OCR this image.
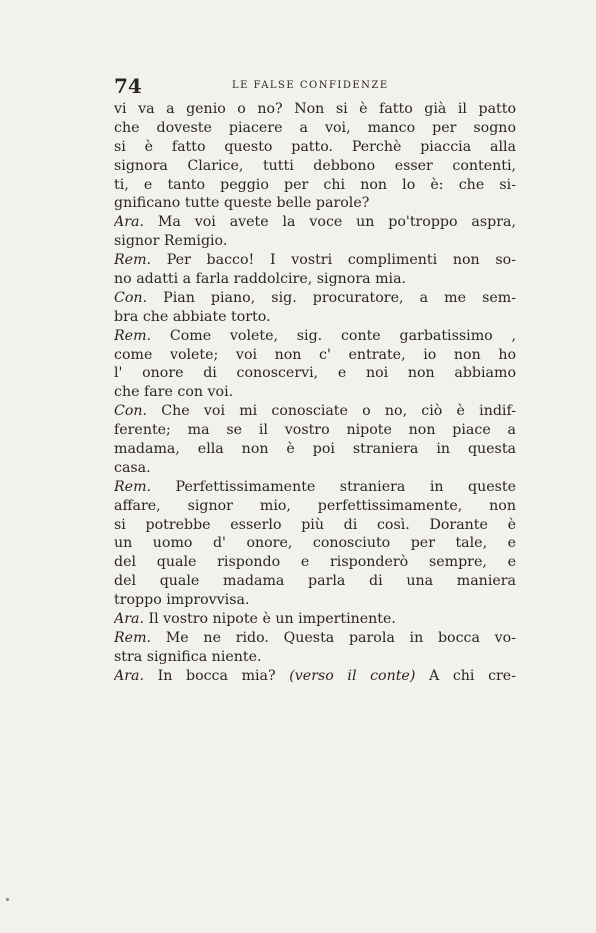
74	LE FALSE CONFIDENZE
vi va a genio o no? Non si è fatto già il patto
che doveste piacere a voi, manco per sogno
si è fatto questo patto. Perchè piaccia alla
signora Clarice, tutti debbono esser contenti,
ti, e tanto peggio per chi non lo è: che si-
gnificano tutte queste belle parole?
Ara. Ma voi avete la voce un po'troppo aspra,
signor Remigio.
Rem. Per bacco! I vostri complimenti non so-
no adatti a farla raddolcire, signora mia.
Con. Pian piano, sig. procuratore, a me sem-
bra che abbiate torto.
Rem. Come volete, sig. conte garbatissimo ,
come volete; voi non c' entrate, io non ho
l' onore di conoscervi, e noi non abbiamo
che fare con voi.
Con. Che voi mi conosciate o no, ciò è indif-
ferente; ma se il vostro nipote non piace a
madama, ella non è poi straniera in questa
casa.
Rem. Perfettissimamente straniera in queste
affare, signor mio, perfettissimamente, non
si potrebbe esserlo più di così. Dorante è
un uomo d' onore, conosciuto per tale, e
del quale rispondo e risponderò sempre, e
del quale madama parla di una maniera
troppo improvvisa.
Ara. Il vostro nipote è un impertinente.
Rem. Me ne rido. Questa parola in bocca vo-
stra significa niente.
Ara. In bocca mia? (verso il conte) A chi cre-
